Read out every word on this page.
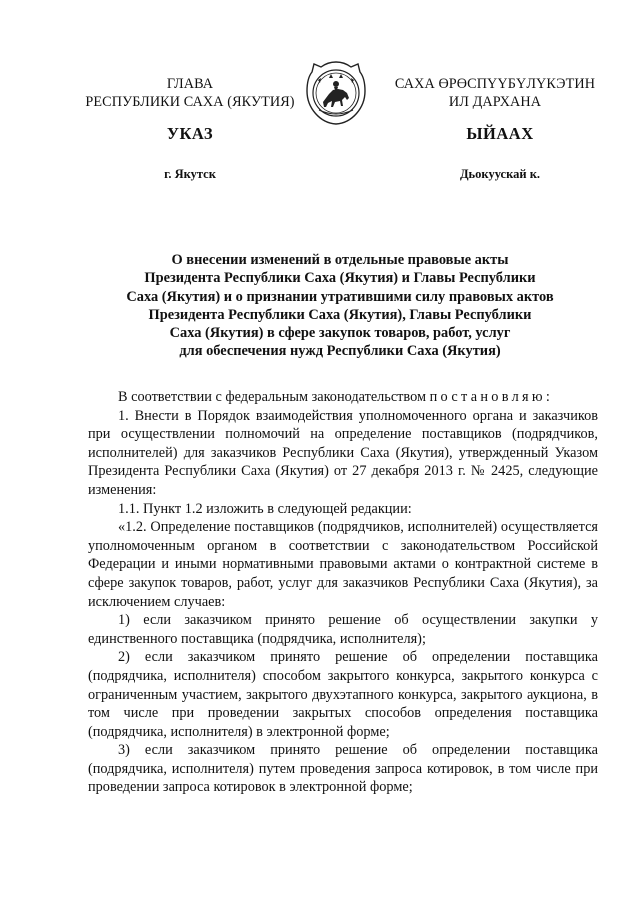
ГЛАВА
РЕСПУБЛИКИ САХА (ЯКУТИЯ)
САХА ӨРӨСПҮҮБҮЛҮКЭТИН
ИЛ ДАРХАНА
УКАЗ	ЫЙААХ
г. Якутск	Дьокуускай к.
О внесении изменений в отдельные правовые акты
Президента Республики Саха (Якутия) и Главы Республики
Саха (Якутия) и о признании утратившими силу правовых актов
Президента Республики Саха (Якутия), Главы Республики
Саха (Якутия) в сфере закупок товаров, работ, услуг
для обеспечения нужд Республики Саха (Якутия)

В соответствии с федеральным законодательством постановляю:

1. Внести в Порядок взаимодействия уполномоченного органа и заказчиков при осуществлении полномочий на определение поставщиков (подрядчиков, исполнителей) для заказчиков Республики Саха (Якутия), утвержденный Указом Президента Республики Саха (Якутия) от 27 декабря 2013 г. № 2425, следующие изменения:

1.1. Пункт 1.2 изложить в следующей редакции:

«1.2. Определение поставщиков (подрядчиков, исполнителей) осуществляется уполномоченным органом в соответствии с законодательством Российской Федерации и иными нормативными правовыми актами о контрактной системе в сфере закупок товаров, работ, услуг для заказчиков Республики Саха (Якутия), за исключением случаев:

1) если заказчиком принято решение об осуществлении закупки у единственного поставщика (подрядчика, исполнителя);

2) если заказчиком принято решение об определении поставщика (подрядчика, исполнителя) способом закрытого конкурса, закрытого конкурса с ограниченным участием, закрытого двухэтапного конкурса, закрытого аукциона, в том числе при проведении закрытых способов определения поставщика (подрядчика, исполнителя) в электронной форме;

3) если заказчиком принято решение об определении поставщика (подрядчика, исполнителя) путем проведения запроса котировок, в том числе при проведении запроса котировок в электронной форме;
